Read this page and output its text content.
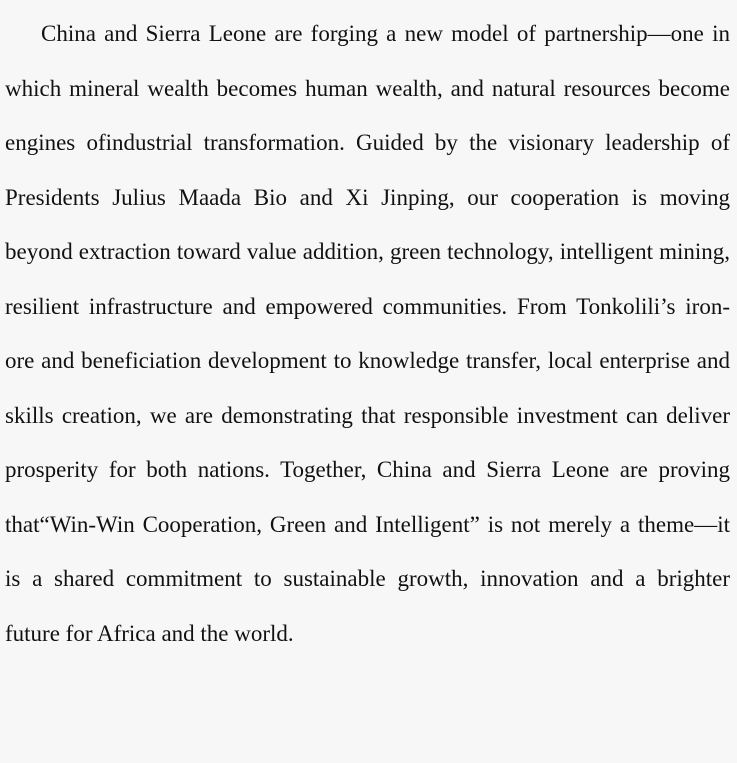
China and Sierra Leone are forging a new model of partnership—one in which mineral wealth becomes human wealth, and natural resources become engines ofindustrial transformation. Guided by the visionary leadership of Presidents Julius Maada Bio and Xi Jinping, our cooperation is moving beyond extraction toward value addition, green technology, intelligent mining, resilient infrastructure and empowered communities. From Tonkolili’s iron-ore and beneficiation development to knowledge transfer, local enterprise and skills creation, we are demonstrating that responsible investment can deliver prosperity for both nations. Together, China and Sierra Leone are proving that“Win-Win Cooperation, Green and Intelligent” is not merely a theme—it is a shared commitment to sustainable growth, innovation and a brighter future for Africa and the world.
